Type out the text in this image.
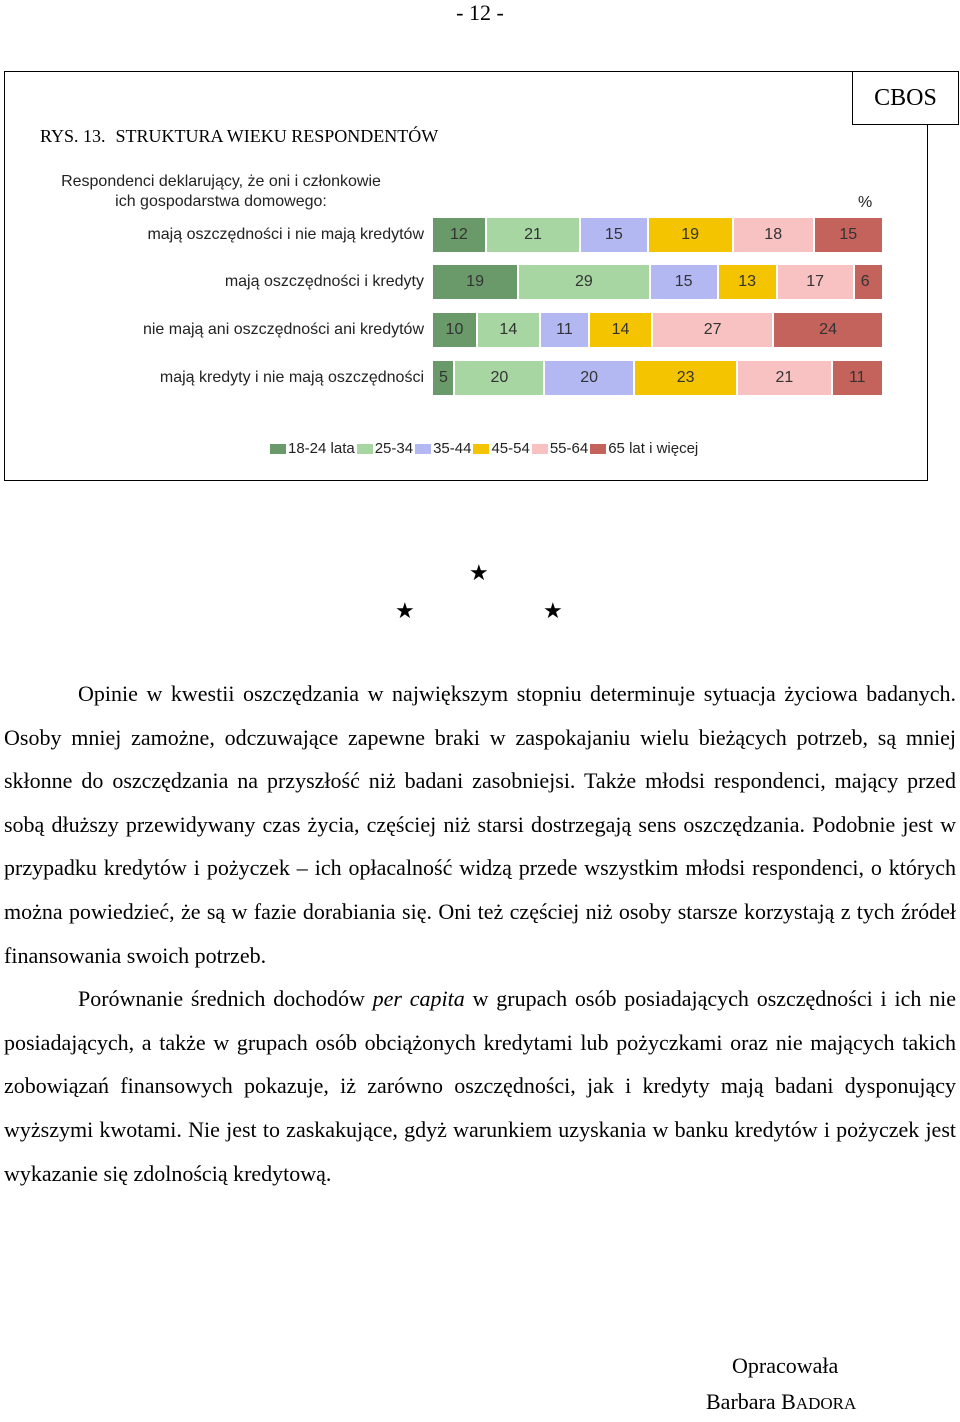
- 12 -
CBOS
RYS. 13. STRUKTURA WIEKU RESPONDENTÓW
Respondenci deklarujący, że oni i członkowie
ich gospodarstwa domowego:	%
mają oszczędności i nie mają kredytów 12	21	15	19	18	15
mają oszczędności i kredyty	19	29	15	13	17 6
nie mają ani oszczędności ani kredytów 10 14 11 14	27	24
mają kredyty i nie mają oszczędności 5	20	20	23	21	11
18-24 lata 25-34 35-44 45-54 55-64 65 lat i więcej
★
★	★

Opinie w kwestii oszczędzania w największym stopniu determinuje sytuacja życiowa badanych. Osoby mniej zamożne, odczuwające zapewne braki w zaspokajaniu wielu bieżących potrzeb, są mniej skłonne do oszczędzania na przyszłość niż badani zasobniejsi. Także młodsi respondenci, mający przed sobą dłuższy przewidywany czas życia, częściej niż starsi dostrzegają sens oszczędzania. Podobnie jest w przypadku kredytów i pożyczek – ich opłacalność widzą przede wszystkim młodsi respondenci, o których można powiedzieć, że są w fazie dorabiania się. Oni też częściej niż osoby starsze korzystają z tych źródeł finansowania swoich potrzeb.

Porównanie średnich dochodów per capita w grupach osób posiadających oszczędności i ich nie posiadających, a także w grupach osób obciążonych kredytami lub pożyczkami oraz nie mających takich zobowiązań finansowych pokazuje, iż zarówno oszczędności, jak i kredyty mają badani dysponujący wyższymi kwotami. Nie jest to zaskakujące, gdyż warunkiem uzyskania w banku kredytów i pożyczek jest wykazanie się zdolnością kredytową.

Opracowała
Barbara BADORA
